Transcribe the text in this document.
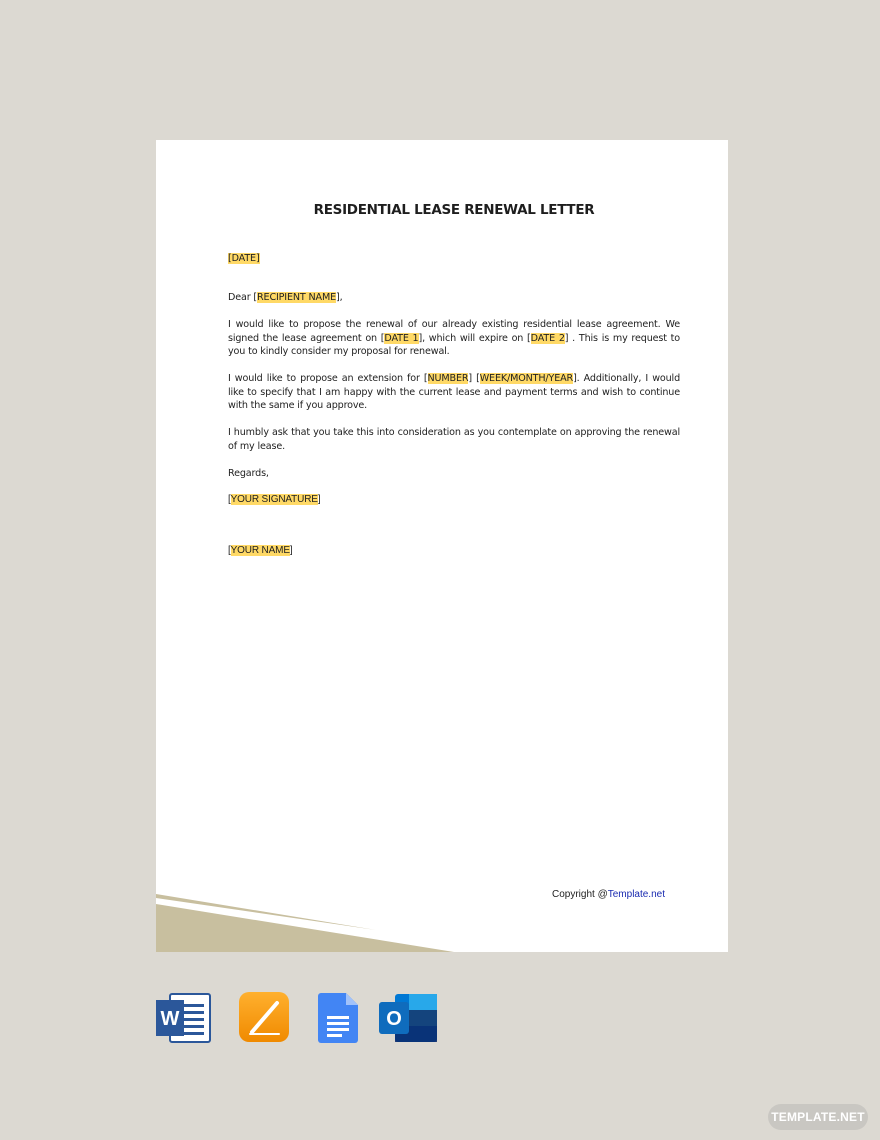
RESIDENTIAL LEASE RENEWAL LETTER
[DATE]
Dear [RECIPIENT NAME],
I would like to propose the renewal of our already existing residential lease agreement. We signed the lease agreement on [DATE 1], which will expire on [DATE 2] . This is my request to you to kindly consider my proposal for renewal.
I would like to propose an extension for [NUMBER] [WEEK/MONTH/YEAR]. Additionally, I would like to specify that I am happy with the current lease and payment terms and wish to continue with the same if you approve.
I humbly ask that you take this into consideration as you contemplate on approving the renewal of my lease.
Regards,
[YOUR SIGNATURE]
[YOUR NAME]
Copyright @Template.net
W	O
TEMPLATE.NET
